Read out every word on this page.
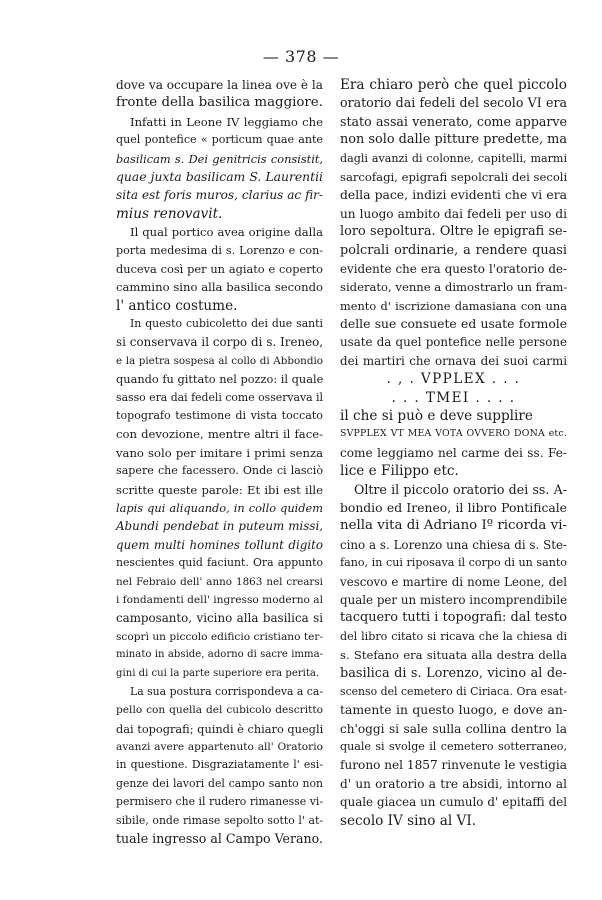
— 378 —
dove va occupare la linea ove è la
fronte della basilica maggiore.
Infatti in Leone IV leggiamo che
quel pontefice « porticum quae ante
basilicam s. Dei genitricis consistit,
quae juxta basilicam S. Laurentii
sita est foris muros, clarius ac fir-
mius renovavit.
Il qual portico avea origine dalla
porta medesima di s. Lorenzo e con-
duceva così per un agiato e coperto
cammino sino alla basilica secondo
l' antico costume.
In questo cubicoletto dei due santi
si conservava il corpo di s. Ireneo,
e la pietra sospesa al collo di Abbondio
quando fu gittato nel pozzo: il quale
sasso era dai fedeli come osservava il
topografo testimone di vista toccato
con devozione, mentre altri il face-
vano solo per imitare i primi senza
sapere che facessero. Onde ci lasciò
scritte queste parole: Et ibi est ille
lapis qui aliquando, in collo quidem
Abundi pendebat in puteum missi,
quem multi homines tollunt digito
nescientes quid faciunt. Ora appunto
nel Febraio dell' anno 1863 nel crearsi
i fondamenti dell' ingresso moderno al
camposanto, vicino alla basilica si
scoprì un piccolo edificio cristiano ter-
minato in abside, adorno di sacre imma-
gini di cui la parte superiore era perita.
La sua postura corrispondeva a ca-
pello con quella del cubicolo descritto
dai topografi; quindi è chiaro quegli
avanzi avere appartenuto all' Oratorio
in questione. Disgraziatamente l' esi-
genze dei lavori del campo santo non
permisero che il rudero rimanesse vi-
sibile, onde rimase sepolto sotto l' at-
tuale ingresso al Campo Verano.
Era chiaro però che quel piccolo
oratorio dai fedeli del secolo VI era
stato assai venerato, come apparve
non solo dalle pitture predette, ma
dagli avanzi di colonne, capitelli, marmi
sarcofagi, epigrafi sepolcrali dei secoli
della pace, indizi evidenti che vi era
un luogo ambito dai fedeli per uso di
loro sepoltura. Oltre le epigrafi se-
polcrali ordinarie, a rendere quasi
evidente che era questo l'oratorio de-
siderato, venne a dimostrarlo un fram-
mento d' iscrizione damasiana con una
delle sue consuete ed usate formole
usate da quel pontefice nelle persone
dei martiri che ornava dei suoi carmi
. , . VPPLEX . . .
. . . TMEI . . . .
il che si può e deve supplire
SVPPLEX VT MEA VOTA OVVERO DONA etc.
come leggiamo nel carme dei ss. Fe-
lice e Filippo etc.
Oltre il piccolo oratorio dei ss. A-
bondio ed Ireneo, il libro Pontificale
nella vita di Adriano Iº ricorda vi-
cino a s. Lorenzo una chiesa di s. Ste-
fano, in cui riposava il corpo di un santo
vescovo e martire di nome Leone, del
quale per un mistero incomprendibile
tacquero tutti i topografi: dal testo
del libro citato si ricava che la chiesa di
s. Stefano era situata alla destra della
basilica di s. Lorenzo, vicino al de-
scenso del cemetero di Ciriaca. Ora esat-
tamente in questo luogo, e dove an-
ch'oggi si sale sulla collina dentro la
quale si svolge il cemetero sotterraneo,
furono nel 1857 rinvenute le vestigia
d' un oratorio a tre absidi, intorno al
quale giacea un cumulo d' epitaffi del
secolo IV sino al VI.
